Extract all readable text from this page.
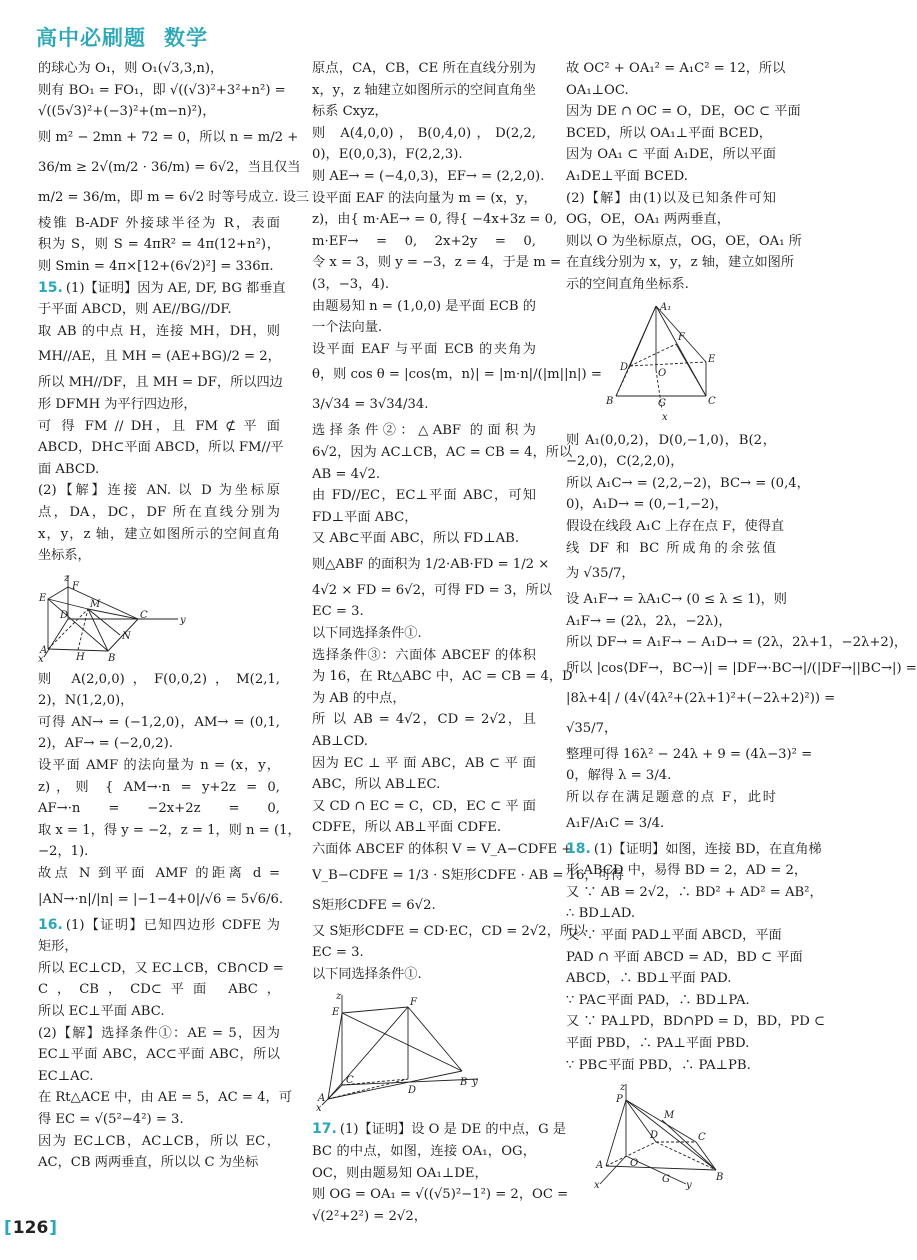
高中必刷题 数学
的球心为 O₁，则 O₁(√3,3,n)，
则有 BO₁ = FO₁，即 √((√3)²+3²+n²) =
√((5√3)²+(−3)²+(m−n)²)，
则 m² − 2mn + 72 = 0，所以 n = m/2 +
36/m ≥ 2√(m/2 · 36/m) = 6√2，当且仅当
m/2 = 36/m，即 m = 6√2 时等号成立. 设三
棱锥 B-ADF 外接球半径为 R，表面
积为 S，则 S = 4πR² = 4π(12+n²)，
则 Smin = 4π×[12+(6√2)²] = 336π.
15. (1)【证明】因为 AE, DF, BG 都垂直
于平面 ABCD，则 AE//BG//DF.
取 AB 的中点 H，连接 MH，DH，则
MH//AE，且 MH = (AE+BG)/2 = 2，
所以 MH//DF，且 MH = DF，所以四边
形 DFMH 为平行四边形，
可 得 FM // DH，且 FM ⊄ 平 面
ABCD，DH⊂平面 ABCD，所以 FM//平
面 ABCD.
(2)【解】连接 AN. 以 D 为坐标原
点，DA，DC，DF 所在直线分别为
x，y，z 轴，建立如图所示的空间直角
坐标系，
z
F
E
M
D	C	y
N
A
H B
x
则 A(2,0,0)，F(0,0,2)，M(2,1,
2)，N(1,2,0)，
可得 AN→ = (−1,2,0)，AM→ = (0,1,
2)，AF→ = (−2,0,2).
设平面 AMF 的法向量为 n = (x，y，
z)，则 { AM→·n = y+2z = 0,
AF→·n = −2x+2z = 0,
取 x = 1，得 y = −2，z = 1，则 n = (1，
−2，1).
故点 N 到平面 AMF 的距离 d =
|AN→·n|/|n| = |−1−4+0|/√6 = 5√6/6.
16. (1)【证明】已知四边形 CDFE 为
矩形，
所以 EC⊥CD，又 EC⊥CB，CB∩CD =
C，CB，CD⊂平面 ABC，
所以 EC⊥平面 ABC.
(2)【解】选择条件①：AE = 5，因为
EC⊥平面 ABC，AC⊂平面 ABC，所以
EC⊥AC.
在 Rt△ACE 中，由 AE = 5，AC = 4，可
得 EC = √(5²−4²) = 3.
因为 EC⊥CB，AC⊥CB，所以 EC，
AC，CB 两两垂直，所以以 C 为坐标
原点，CA，CB，CE 所在直线分别为
x，y，z 轴建立如图所示的空间直角坐
标系 Cxyz，
则 A(4,0,0)，B(0,4,0)，D(2,2,
0)，E(0,0,3)，F(2,2,3).
则 AE→ = (−4,0,3)，EF→ = (2,2,0).
设平面 EAF 的法向量为 m = (x，y，
z)，由{ m·AE→ = 0, 得{ −4x+3z = 0,
m·EF→ = 0, 2x+2y = 0,
令 x = 3，则 y = −3，z = 4，于是 m =
(3，−3，4).
由题易知 n = (1,0,0) 是平面 ECB 的
一个法向量.
设平面 EAF 与平面 ECB 的夹角为
θ，则 cos θ = |cos⟨m，n⟩| = |m·n|/(|m||n|) =
3/√34 = 3√34/34.
选择条件②：△ABF 的面积为
6√2，因为 AC⊥CB，AC = CB = 4，所以
AB = 4√2.
由 FD//EC，EC⊥平面 ABC，可知
FD⊥平面 ABC，
又 AB⊂平面 ABC，所以 FD⊥AB.
则△ABF 的面积为 1/2·AB·FD = 1/2 ×
4√2 × FD = 6√2，可得 FD = 3，所以
EC = 3.
以下同选择条件①.
选择条件③：六面体 ABCEF 的体积
为 16，在 Rt△ABC 中，AC = CB = 4，D
为 AB 的中点，
所 以 AB = 4√2，CD = 2√2，且
AB⊥CD.
因为 EC ⊥ 平 面 ABC，AB ⊂ 平 面
ABC，所以 AB⊥EC.
又 CD ∩ EC = C，CD，EC ⊂ 平 面
CDFE，所以 AB⊥平面 CDFE.
六面体 ABCEF 的体积 V = V_A−CDFE +
V_B−CDFE = 1/3 · S矩形CDFE · AB = 16，可得
S矩形CDFE = 6√2.
又 S矩形CDFE = CD·EC，CD = 2√2，所以
EC = 3.
以下同选择条件①.
z
E
F
C
A
D
B y
x
17. (1)【证明】设 O 是 DE 的中点，G 是
BC 的中点，如图，连接 OA₁，OG，
OC，则由题易知 OA₁⊥DE，
则 OG = OA₁ = √((√5)²−1²) = 2，OC =
√(2²+2²) = 2√2，
故 OC² + OA₁² = A₁C² = 12，所以
OA₁⊥OC.
因为 DE ∩ OC = O，DE，OC ⊂ 平面
BCED，所以 OA₁⊥平面 BCED，
因为 OA₁ ⊂ 平面 A₁DE，所以平面
A₁DE⊥平面 BCED.
(2)【解】由(1)以及已知条件可知
OG，OE，OA₁ 两两垂直，
则以 O 为坐标原点，OG，OE，OA₁ 所
在直线分别为 x，y，z 轴，建立如图所
示的空间直角坐标系.
A₁
F
E
D
O
B	G	C
x
则 A₁(0,0,2)，D(0,−1,0)，B(2，
−2,0)，C(2,2,0)，
所以 A₁C→ = (2,2,−2)，BC→ = (0,4，
0)，A₁D→ = (0,−1,−2)，
假设在线段 A₁C 上存在点 F，使得直
线 DF 和 BC 所成角的余弦值
为 √35/7，
设 A₁F→ = λA₁C→ (0 ≤ λ ≤ 1)，则
A₁F→ = (2λ，2λ，−2λ)，
所以 DF→ = A₁F→ − A₁D→ = (2λ，2λ+1，−2λ+2)，
所以 |cos⟨DF→，BC→⟩| = |DF→·BC→|/(|DF→||BC→|) =
|8λ+4| / (4√(4λ²+(2λ+1)²+(−2λ+2)²)) =
√35/7，
整理可得 16λ² − 24λ + 9 = (4λ−3)² =
0，解得 λ = 3/4.
所以存在满足题意的点 F，此时
A₁F/A₁C = 3/4.
18. (1)【证明】如图，连接 BD，在直角梯
形 ABCD 中，易得 BD = 2，AD = 2，
又 ∵ AB = 2√2，∴ BD² + AD² = AB²，
∴ BD⊥AD.
又 ∵ 平面 PAD⊥平面 ABCD，平面
PAD ∩ 平面 ABCD = AD，BD ⊂ 平面
ABCD，∴ BD⊥平面 PAD.
∵ PA⊂平面 PAD，∴ BD⊥PA.
又 ∵ PA⊥PD，BD∩PD = D，BD，PD ⊂
平面 PBD，∴ PA⊥平面 PBD.
∵ PB⊂平面 PBD，∴ PA⊥PB.
z
P
M
D	C
A	O
G	B
x	y
[ 126 ]
